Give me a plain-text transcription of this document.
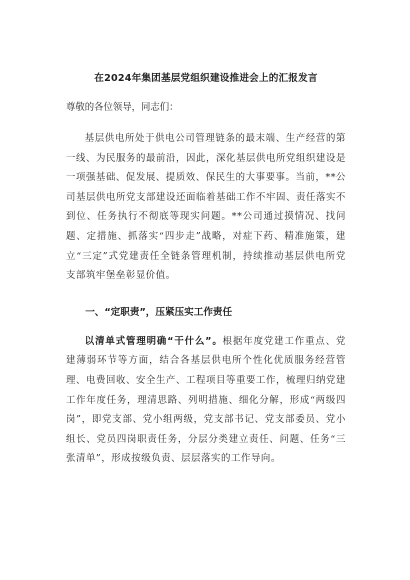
在2024年集团基层党组织建设推进会上的汇报发言

尊敬的各位领导，同志们：

基层供电所处于供电公司管理链条的最末端、生产经营的第一线、为民服务的最前沿，因此，深化基层供电所党组织建设是一项强基础、促发展、提质效、保民生的大事要事。当前，**公司基层供电所党支部建设还面临着基础工作不牢固、责任落实不到位、任务执行不彻底等现实问题。**公司通过摸情况、找问题、定措施、抓落实“四步走”战略，对症下药、精准施策，建立“三定”式党建责任全链条管理机制，持续推动基层供电所党支部筑牢堡垒彰显价值。

一、“定职责”，压紧压实工作责任

以清单式管理明确“干什么”。根据年度党建工作重点、党建薄弱环节等方面，结合各基层供电所个性化优质服务经营管理、电费回收、安全生产、工程项目等重要工作，梳理归纳党建工作年度任务，理清思路、列明措施、细化分解，形成“两级四岗”，即党支部、党小组两级，党支部书记、党支部委员、党小组长、党员四岗职责任务，分层分类建立责任、问题、任务“三张清单”，形成按级负责、层层落实的工作导向。
